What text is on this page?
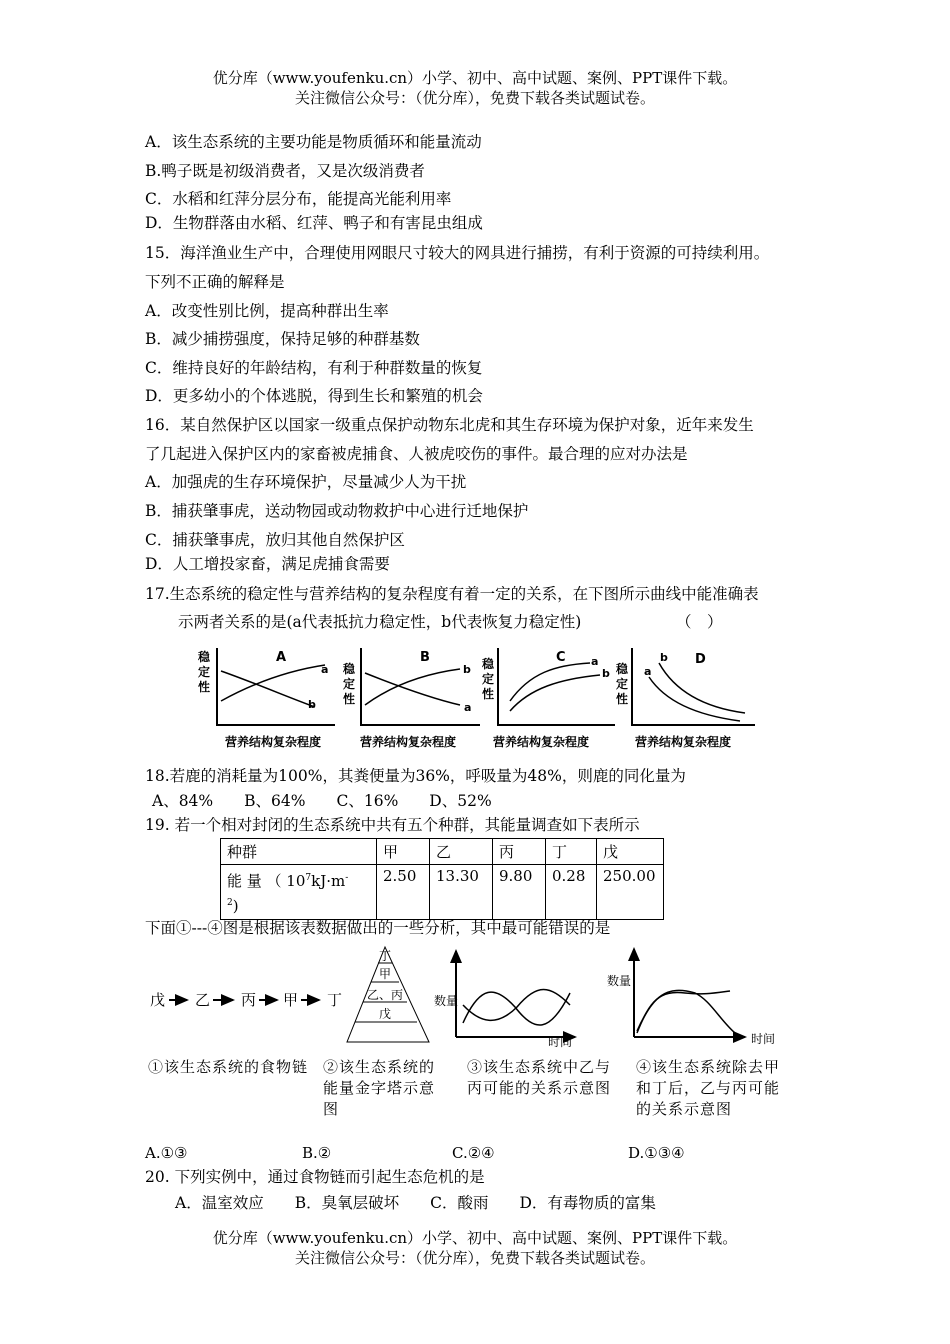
优分库（www.youfenku.cn）小学、初中、高中试题、案例、PPT课件下载。
关注微信公众号：（优分库），免费下载各类试题试卷。
A．该生态系统的主要功能是物质循环和能量流动
B.鸭子既是初级消费者，又是次级消费者
C．水稻和红萍分层分布，能提高光能利用率
D．生物群落由水稻、红萍、鸭子和有害昆虫组成
15．海洋渔业生产中，合理使用网眼尺寸较大的网具进行捕捞，有利于资源的可持续利用。
下列不正确的解释是
A．改变性别比例，提高种群出生率
B．减少捕捞强度，保持足够的种群基数
C．维持良好的年龄结构，有利于种群数量的恢复
D．更多幼小的个体逃脱，得到生长和繁殖的机会
16．某自然保护区以国家一级重点保护动物东北虎和其生存环境为保护对象，近年来发生
了几起进入保护区内的家畜被虎捕食、人被虎咬伤的事件。最合理的应对办法是
A．加强虎的生存环境保护，尽量减少人为干扰
B．捕获肇事虎，送动物园或动物救护中心进行迁地保护
C．捕获肇事虎，放归其他自然保护区
D．人工增投家畜，满足虎捕食需要
17.生态系统的稳定性与营养结构的复杂程度有着一定的关系，在下图所示曲线中能准确表
示两者关系的是(a代表抵抗力稳定性，b代表恢复力稳定性)	（　）
稳
定
性
A
a
b
营养结构复杂程度
稳
定
性
B
b
a
营养结构复杂程度
稳
定
性
C a
b
营养结构复杂程度
稳
定
性
D
b
a
营养结构复杂程度
18.若鹿的消耗量为100%，其粪便量为36%，呼吸量为48%，则鹿的同化量为
A、84%　　B、64%　　C、16%　　D、52%
19. 若一个相对封闭的生态系统中共有五个种群，其能量调查如下表所示
种群	甲	乙	丙	丁	戊
能 量 （ $10^7kJ\cdot m^-$
$^2$)	2.50	13.30	9.80	0.28	250.00
下面①---④图是根据该表数据做出的一些分析，其中最可能错误的是
戊 乙 丙 甲 丁
丁
甲
乙、丙
戊
数量
时间
数量
时间
①该生态系统的食物链 ②该生态系统的
能量金字塔示意
图
③该生态系统中乙与
丙可能的关系示意图
④该生态系统除去甲
和丁后，乙与丙可能
的关系示意图
A.①③	B.②	C.②④	D.①③④
20. 下列实例中，通过食物链而引起生态危机的是
A．温室效应　　B．臭氧层破坏　　C．酸雨　　D．有毒物质的富集
优分库（www.youfenku.cn）小学、初中、高中试题、案例、PPT课件下载。
关注微信公众号：（优分库），免费下载各类试题试卷。
